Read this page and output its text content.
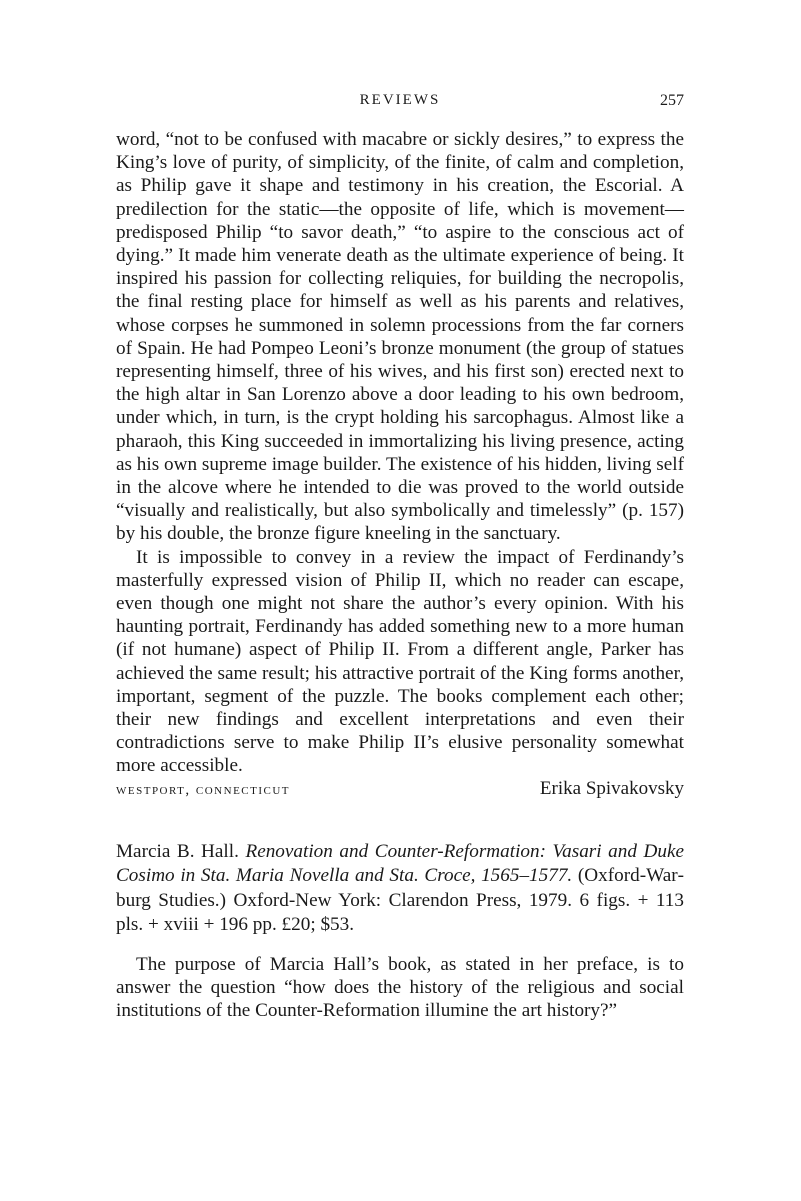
REVIEWS	257

word, “not to be confused with macabre or sickly desires,” to express the King’s love of purity, of simplicity, of the finite, of calm and completion, as Philip gave it shape and testimony in his creation, the Escorial. A predilection for the static—the opposite of life, which is movement—predisposed Philip “to savor death,” “to aspire to the conscious act of dying.” It made him venerate death as the ultimate experience of being. It inspired his passion for collecting reliquies, for building the necropolis, the final resting place for himself as well as his parents and relatives, whose corpses he summoned in solemn processions from the far corners of Spain. He had Pompeo Leoni’s bronze monument (the group of statues representing himself, three of his wives, and his first son) erected next to the high altar in San Lorenzo above a door leading to his own bedroom, under which, in turn, is the crypt holding his sarcophagus. Almost like a pharaoh, this King succeeded in immortalizing his living presence, acting as his own supreme image builder. The existence of his hidden, living self in the alcove where he intended to die was proved to the world outside “visually and realistically, but also symbolically and timelessly” (p. 157) by his double, the bronze figure kneeling in the sanctuary.

It is impossible to convey in a review the impact of Ferdinandy’s masterfully expressed vision of Philip II, which no reader can escape, even though one might not share the author’s every opinion. With his haunting portrait, Ferdinandy has added something new to a more human (if not humane) aspect of Philip II. From a different angle, Parker has achieved the same result; his attractive portrait of the King forms another, important, segment of the puzzle. The books complement each other; their new findings and excellent interpretations and even their contradictions serve to make Philip II’s elusive personality somewhat more accessible.

westport, connecticut	Erika Spivakovsky
Marcia B. Hall. Renovation and Counter-Reformation: Vasari and Duke Cosimo in Sta. Maria Novella and Sta. Croce, 1565–1577. (Oxford-Warburg Studies.) Oxford-New York: Clarendon Press, 1979. 6 figs. + 113 pls. + xviii + 196 pp. £20; $53.

The purpose of Marcia Hall’s book, as stated in her preface, is to answer the question “how does the history of the religious and social institutions of the Counter-Reformation illumine the art history?”
